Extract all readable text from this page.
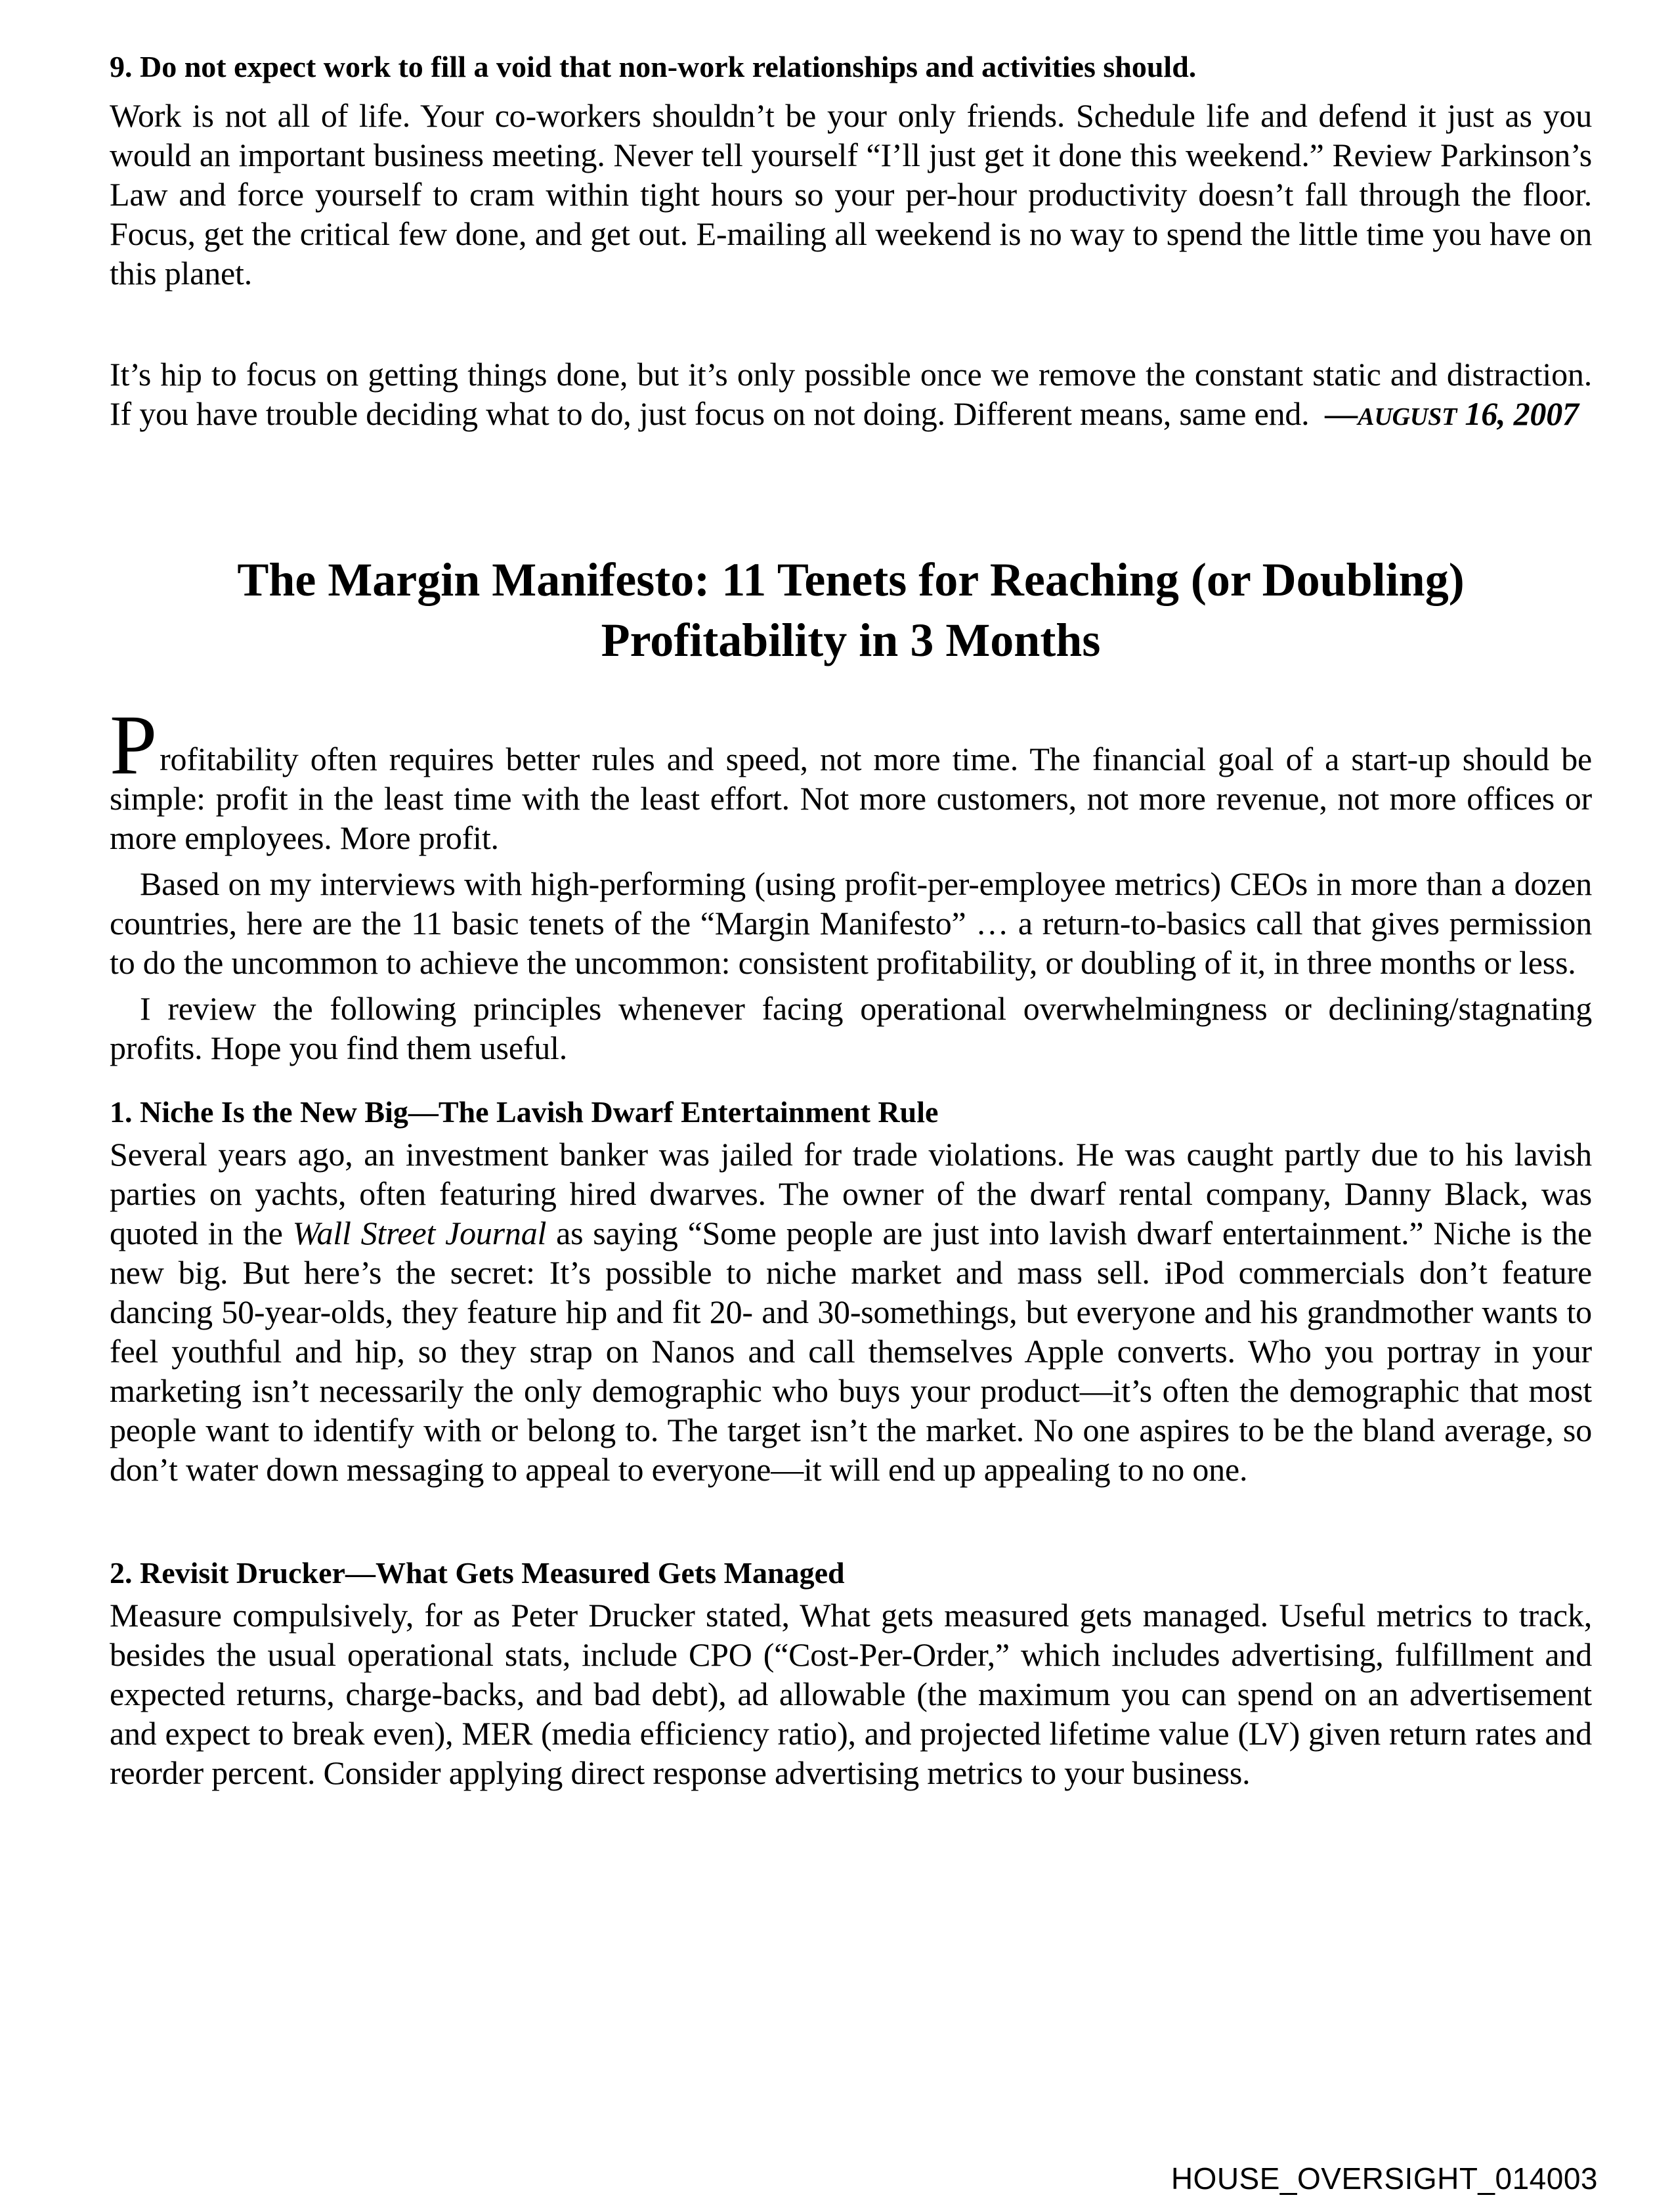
9. Do not expect work to fill a void that non-work relationships and activities should.

Work is not all of life. Your co-workers shouldn’t be your only friends. Schedule life and defend it just as you would an important business meeting. Never tell yourself “I’ll just get it done this weekend.” Review Parkinson’s Law and force yourself to cram within tight hours so your per-hour productivity doesn’t fall through the floor. Focus, get the critical few done, and get out. E-mailing all weekend is no way to spend the little time you have on this planet.

It’s hip to focus on getting things done, but it’s only possible once we remove the constant static and distraction. If you have trouble deciding what to do, just focus on not doing. Different means, same end. —AUGUST 16, 2007

The Margin Manifesto: 11 Tenets for Reaching (or Doubling)
Profitability in 3 Months

Profitability often requires better rules and speed, not more time. The financial goal of a start-up should be simple: profit in the least time with the least effort. Not more customers, not more revenue, not more offices or more employees. More profit.

Based on my interviews with high-performing (using profit-per-employee metrics) CEOs in more than a dozen countries, here are the 11 basic tenets of the “Margin Manifesto” … a return-to-basics call that gives permission to do the uncommon to achieve the uncommon: consistent profitability, or doubling of it, in three months or less.

I review the following principles whenever facing operational overwhelmingness or declining/stagnating profits. Hope you find them useful.

1. Niche Is the New Big—The Lavish Dwarf Entertainment Rule

Several years ago, an investment banker was jailed for trade violations. He was caught partly due to his lavish parties on yachts, often featuring hired dwarves. The owner of the dwarf rental company, Danny Black, was quoted in the Wall Street Journal as saying “Some people are just into lavish dwarf entertainment.” Niche is the new big. But here’s the secret: It’s possible to niche market and mass sell. iPod commercials don’t feature dancing 50-year-olds, they feature hip and fit 20- and 30-somethings, but everyone and his grandmother wants to feel youthful and hip, so they strap on Nanos and call themselves Apple converts. Who you portray in your marketing isn’t necessarily the only demographic who buys your product—it’s often the demographic that most people want to identify with or belong to. The target isn’t the market. No one aspires to be the bland average, so don’t water down messaging to appeal to everyone—it will end up appealing to no one.

2. Revisit Drucker—What Gets Measured Gets Managed

Measure compulsively, for as Peter Drucker stated, What gets measured gets managed. Useful metrics to track, besides the usual operational stats, include CPO (“Cost-Per-Order,” which includes advertising, fulfillment and expected returns, charge-backs, and bad debt), ad allowable (the maximum you can spend on an advertisement and expect to break even), MER (media efficiency ratio), and projected lifetime value (LV) given return rates and reorder percent. Consider applying direct response advertising metrics to your business.

HOUSE_OVERSIGHT_014003
